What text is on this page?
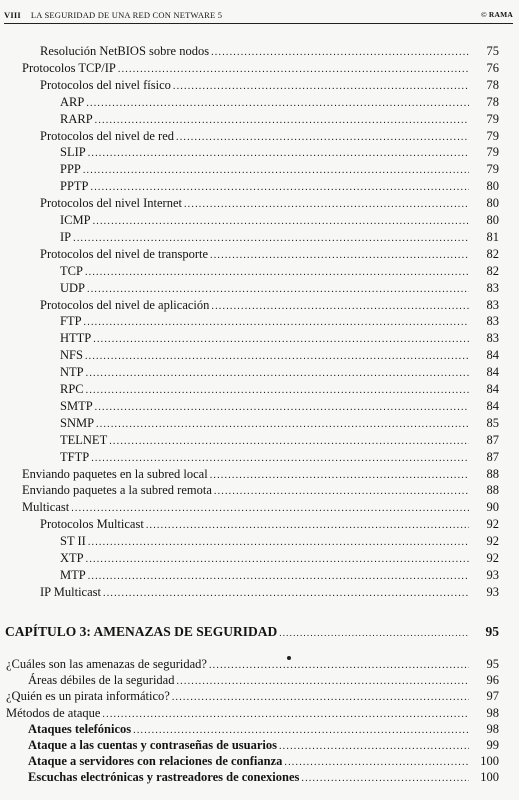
VIII LA SEGURIDAD DE UNA RED CON NETWARE 5	© RAMA
Resolución NetBIOS sobre nodos .....	75
Protocolos TCP/IP .....	76
Protocolos del nivel físico .....	78
ARP .....	78
RARP .....	79
Protocolos del nivel de red .....	79
SLIP .....	79
PPP .....	79
PPTP .....	80
Protocolos del nivel Internet .....	80
ICMP .....	80
IP .....	81
Protocolos del nivel de transporte .....	82
TCP .....	82
UDP .....	83
Protocolos del nivel de aplicación .....	83
FTP .....	83
HTTP .....	83
NFS .....	84
NTP .....	84
RPC .....	84
SMTP .....	84
SNMP .....	85
TELNET .....	87
TFTP .....	87
Enviando paquetes en la subred local .....	88
Enviando paquetes a la subred remota .....	88
Multicast .....	90
Protocolos Multicast .....	92
ST II .....	92
XTP .....	92
MTP .....	93
IP Multicast .....	93
CAPÍTULO 3: AMENAZAS DE SEGURIDAD .....	95
¿Cuáles son las amenazas de seguridad? .....	95
Áreas débiles de la seguridad .....	96
¿Quién es un pirata informático? .....	97
Métodos de ataque .....	98
Ataques telefónicos .....	98
Ataque a las cuentas y contraseñas de usuarios .....	99
Ataque a servidores con relaciones de confianza .....	100
Escuchas electrónicas y rastreadores de conexiones .....	100
